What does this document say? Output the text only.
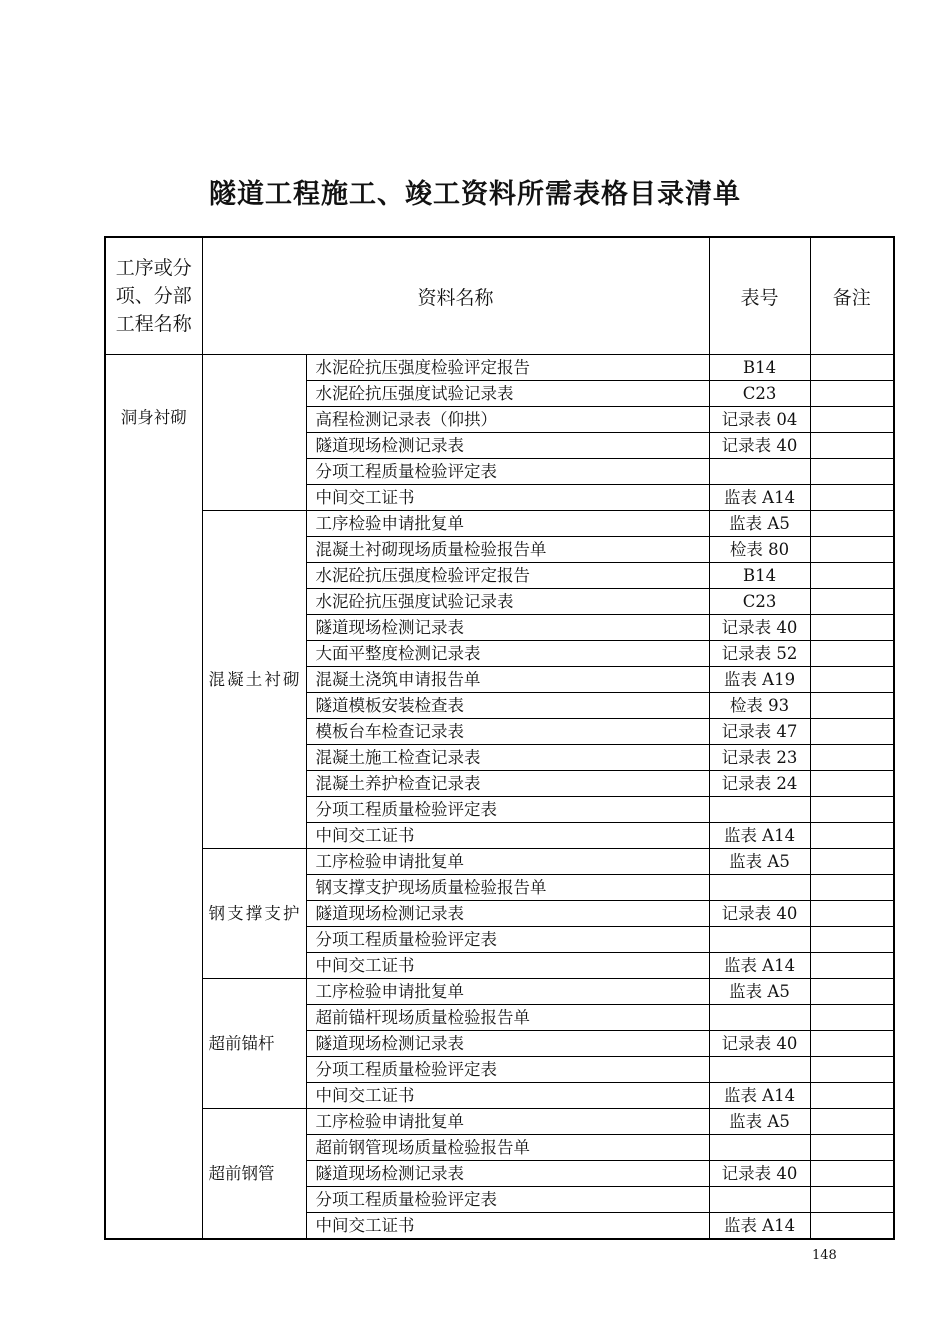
隧道工程施工、竣工资料所需表格目录清单
工序或分项、分部工程名称	资料名称		表号	备注
洞身衬砌		水泥砼抗压强度检验评定报告	B14	
		水泥砼抗压强度试验记录表	C23	
		高程检测记录表（仰拱）	记录表 04	
		隧道现场检测记录表	记录表 40	
		分项工程质量检验评定表		
		中间交工证书	监表 A14	
	混凝土衬砌	工序检验申请批复单	监表 A5	
		混凝土衬砌现场质量检验报告单	检表 80	
		水泥砼抗压强度检验评定报告	B14	
		水泥砼抗压强度试验记录表	C23	
		隧道现场检测记录表	记录表 40	
		大面平整度检测记录表	记录表 52	
		混凝土浇筑申请报告单	监表 A19	
		隧道模板安装检查表	检表 93	
		模板台车检查记录表	记录表 47	
		混凝土施工检查记录表	记录表 23	
		混凝土养护检查记录表	记录表 24	
		分项工程质量检验评定表		
		中间交工证书	监表 A14	
	钢支撑支护	工序检验申请批复单	监表 A5	
		钢支撑支护现场质量检验报告单		
		隧道现场检测记录表	记录表 40	
		分项工程质量检验评定表		
		中间交工证书	监表 A14	
	超前锚杆	工序检验申请批复单	监表 A5	
		超前锚杆现场质量检验报告单		
		隧道现场检测记录表	记录表 40	
		分项工程质量检验评定表		
		中间交工证书	监表 A14	
	超前钢管	工序检验申请批复单	监表 A5	
		超前钢管现场质量检验报告单		
		隧道现场检测记录表	记录表 40	
		分项工程质量检验评定表		
		中间交工证书	监表 A14	
148
